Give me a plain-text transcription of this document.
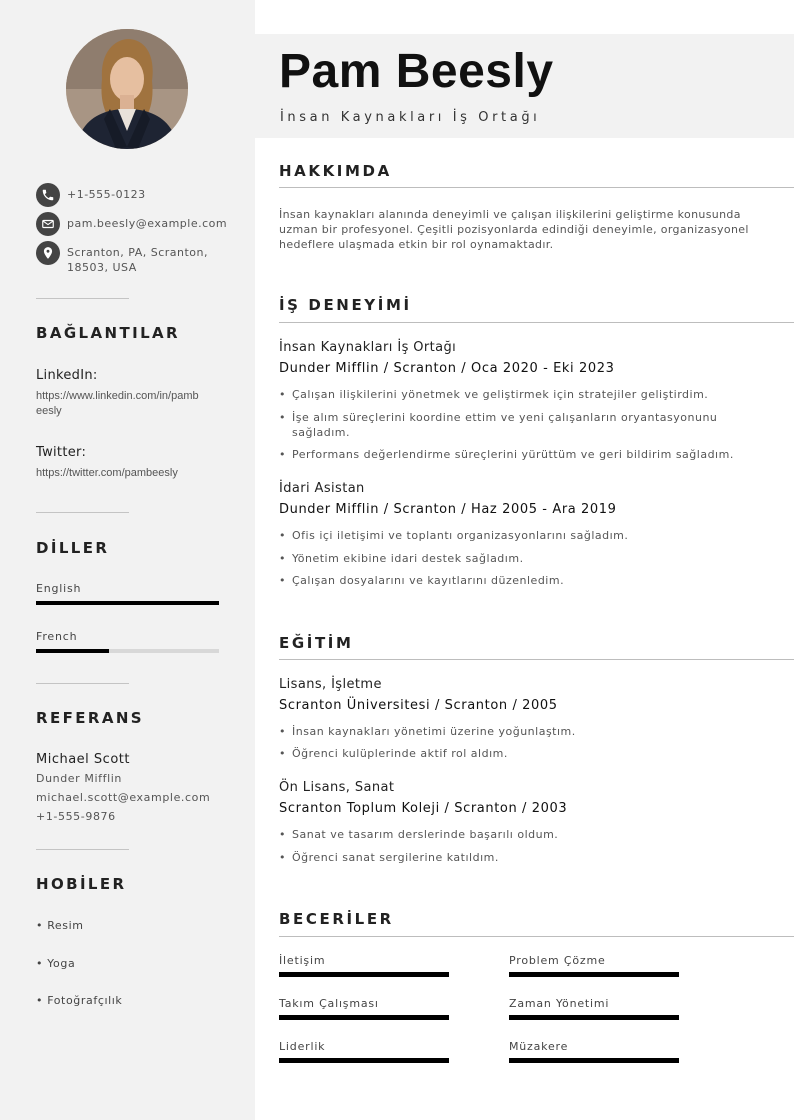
+1-555-0123
pam.beesly@example.com
Scranton, PA, Scranton,
18503, USA
BAĞLANTILAR
LinkedIn:
https://www.linkedin.com/in/pamb
eesly
Twitter:
https://twitter.com/pambeesly
DİLLER
English
French
REFERANS
Michael Scott
Dunder Mifflin
michael.scott@example.com
+1-555-9876
HOBİLER
• Resim
• Yoga
• Fotoğrafçılık
Pam Beesly
İnsan Kaynakları İş Ortağı
HAKKIMDA
İnsan kaynakları alanında deneyimli ve çalışan ilişkilerini geliştirme konusunda uzman bir profesyonel. Çeşitli pozisyonlarda edindiği deneyimle, organizasyonel hedeflere ulaşmada etkin bir rol oynamaktadır.
İŞ DENEYİMİ
İnsan Kaynakları İş Ortağı
Dunder Mifflin / Scranton / Oca 2020 - Eki 2023
• Çalışan ilişkilerini yönetmek ve geliştirmek için stratejiler geliştirdim.
• İşe alım süreçlerini koordine ettim ve yeni çalışanların oryantasyonunu sağladım.
• Performans değerlendirme süreçlerini yürüttüm ve geri bildirim sağladım.
İdari Asistan
Dunder Mifflin / Scranton / Haz 2005 - Ara 2019
• Ofis içi iletişimi ve toplantı organizasyonlarını sağladım.
• Yönetim ekibine idari destek sağladım.
• Çalışan dosyalarını ve kayıtlarını düzenledim.
EĞİTİM
Lisans, İşletme
Scranton Üniversitesi / Scranton / 2005
• İnsan kaynakları yönetimi üzerine yoğunlaştım.
• Öğrenci kulüplerinde aktif rol aldım.
Ön Lisans, Sanat
Scranton Toplum Koleji / Scranton / 2003
• Sanat ve tasarım derslerinde başarılı oldum.
• Öğrenci sanat sergilerine katıldım.
BECERİLER
İletişim	Problem Çözme
Takım Çalışması	Zaman Yönetimi
Liderlik	Müzakere
